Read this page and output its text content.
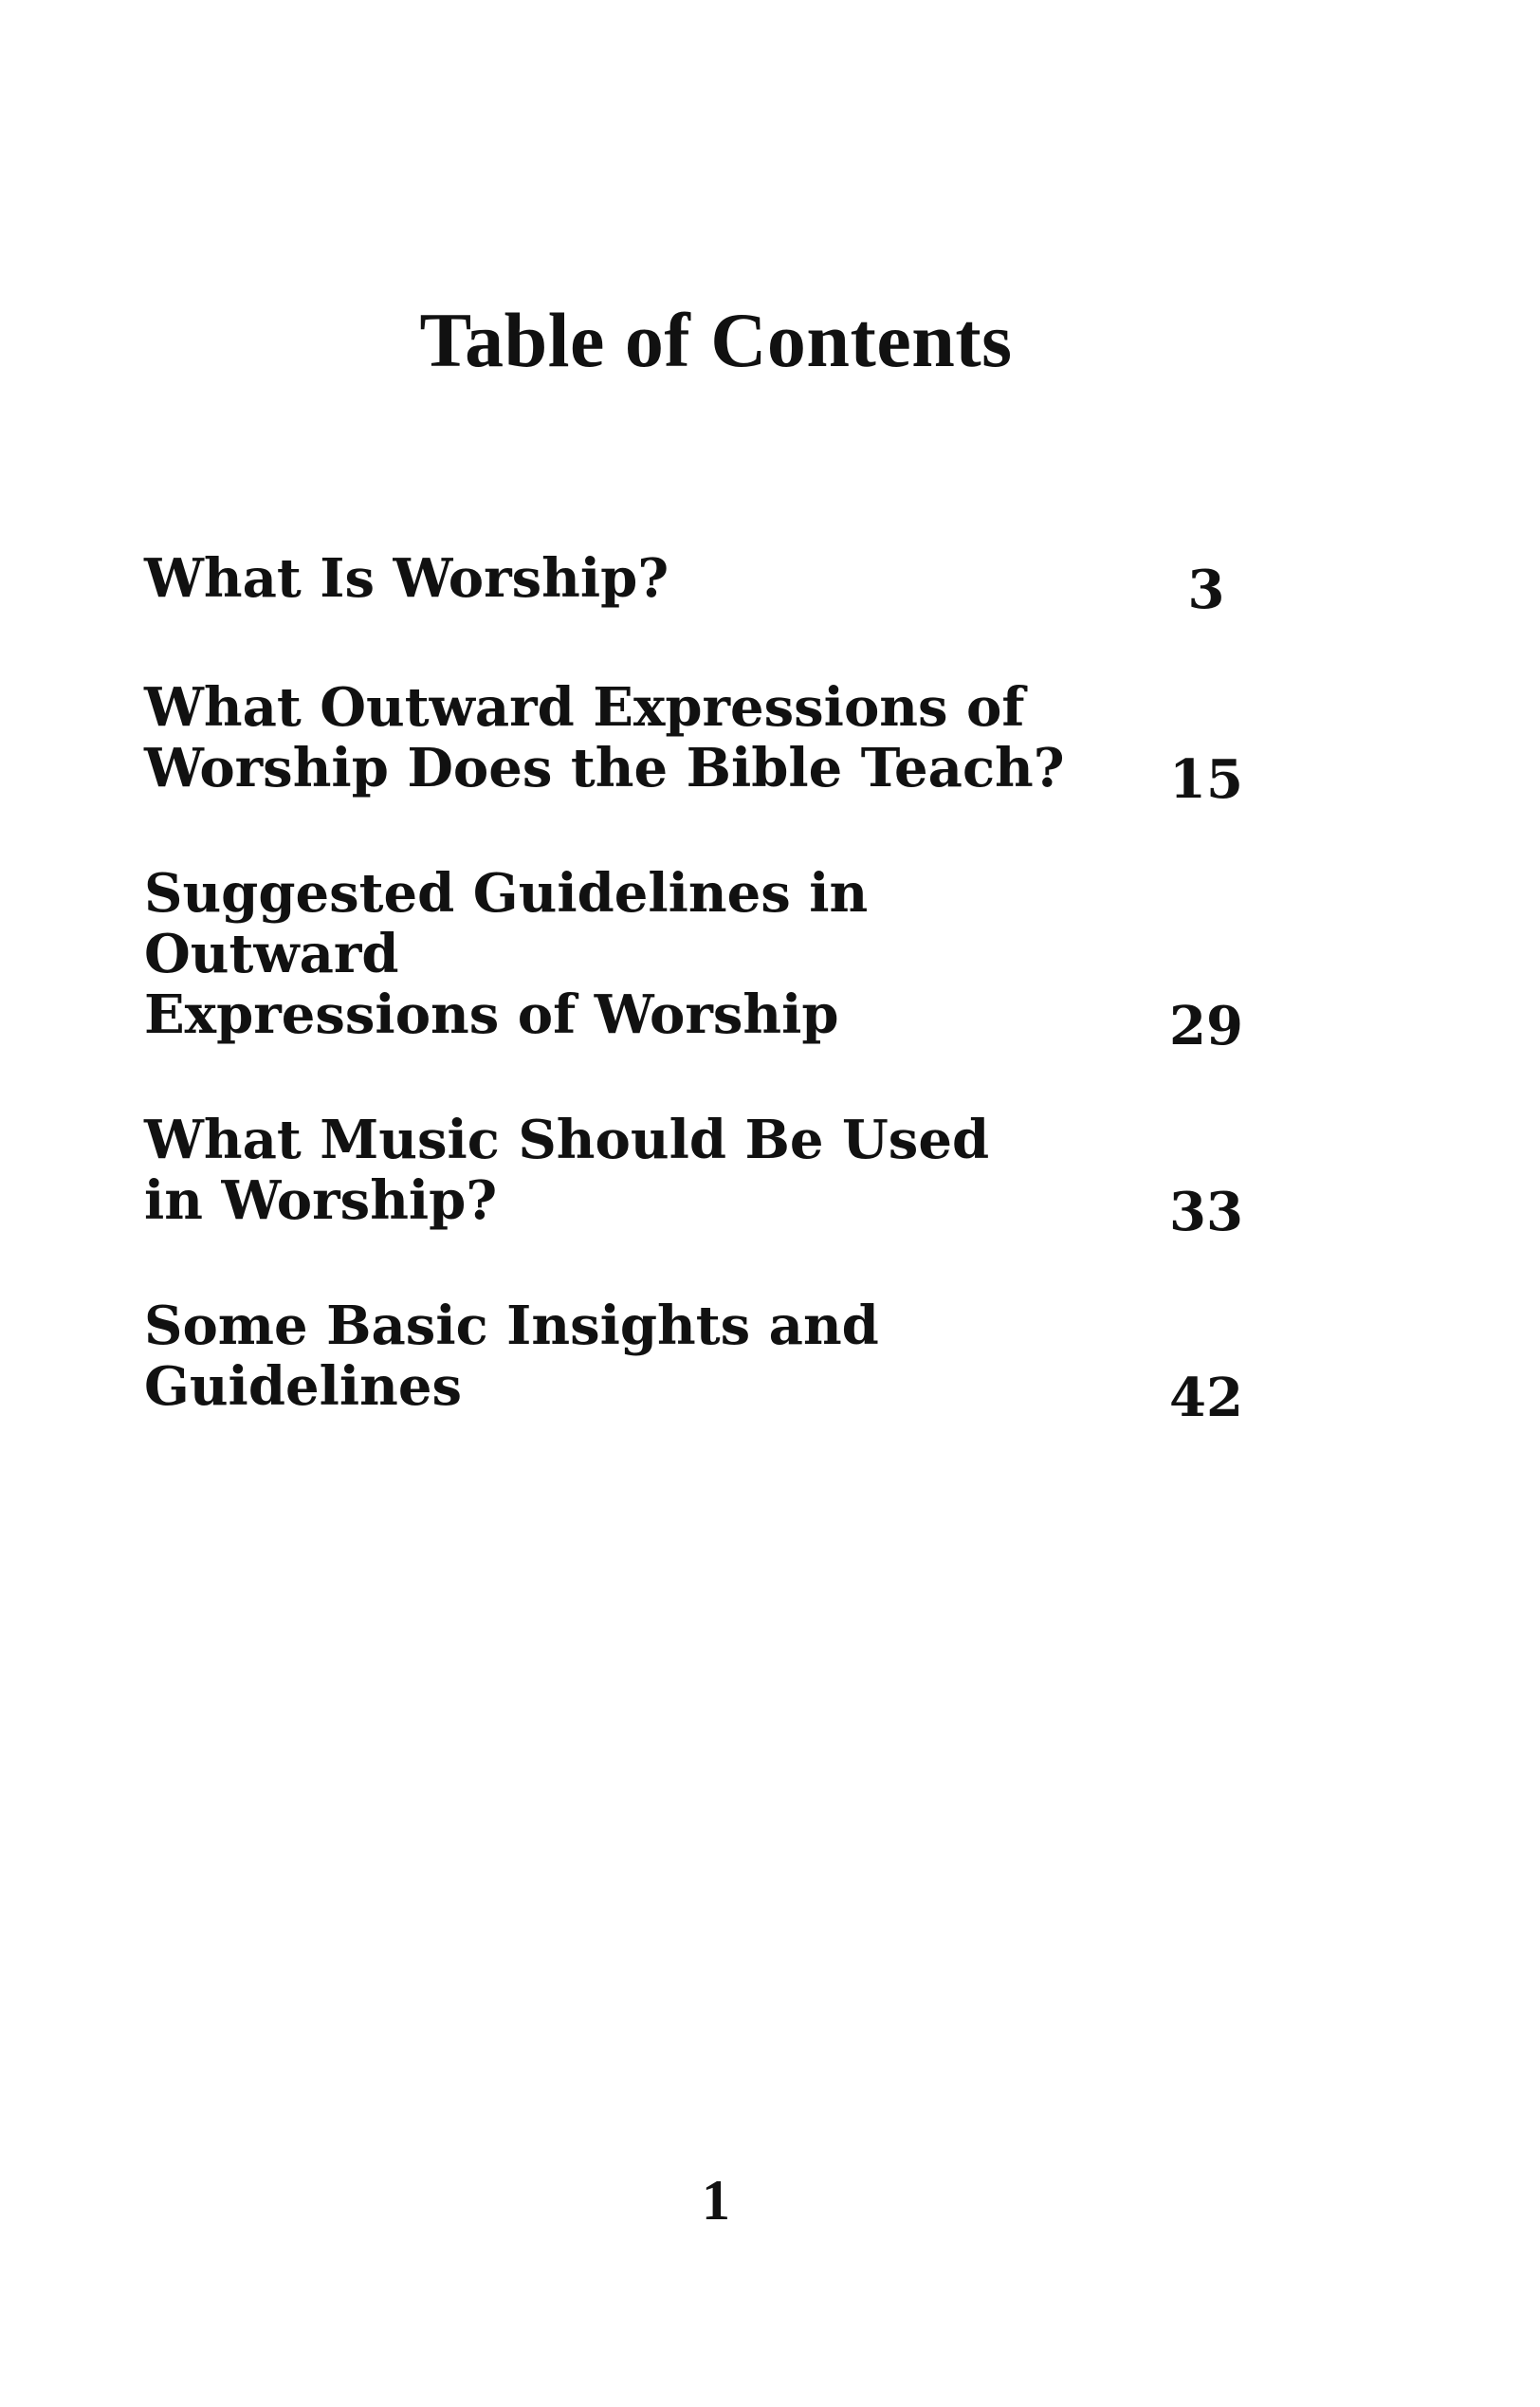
Table of Contents
What Is Worship?	3
What Outward Expressions of
Worship Does the Bible Teach?	15
Suggested Guidelines in Outward
Expressions of Worship	29
What Music Should Be Used
in Worship?	33
Some Basic Insights and
Guidelines	42
1
